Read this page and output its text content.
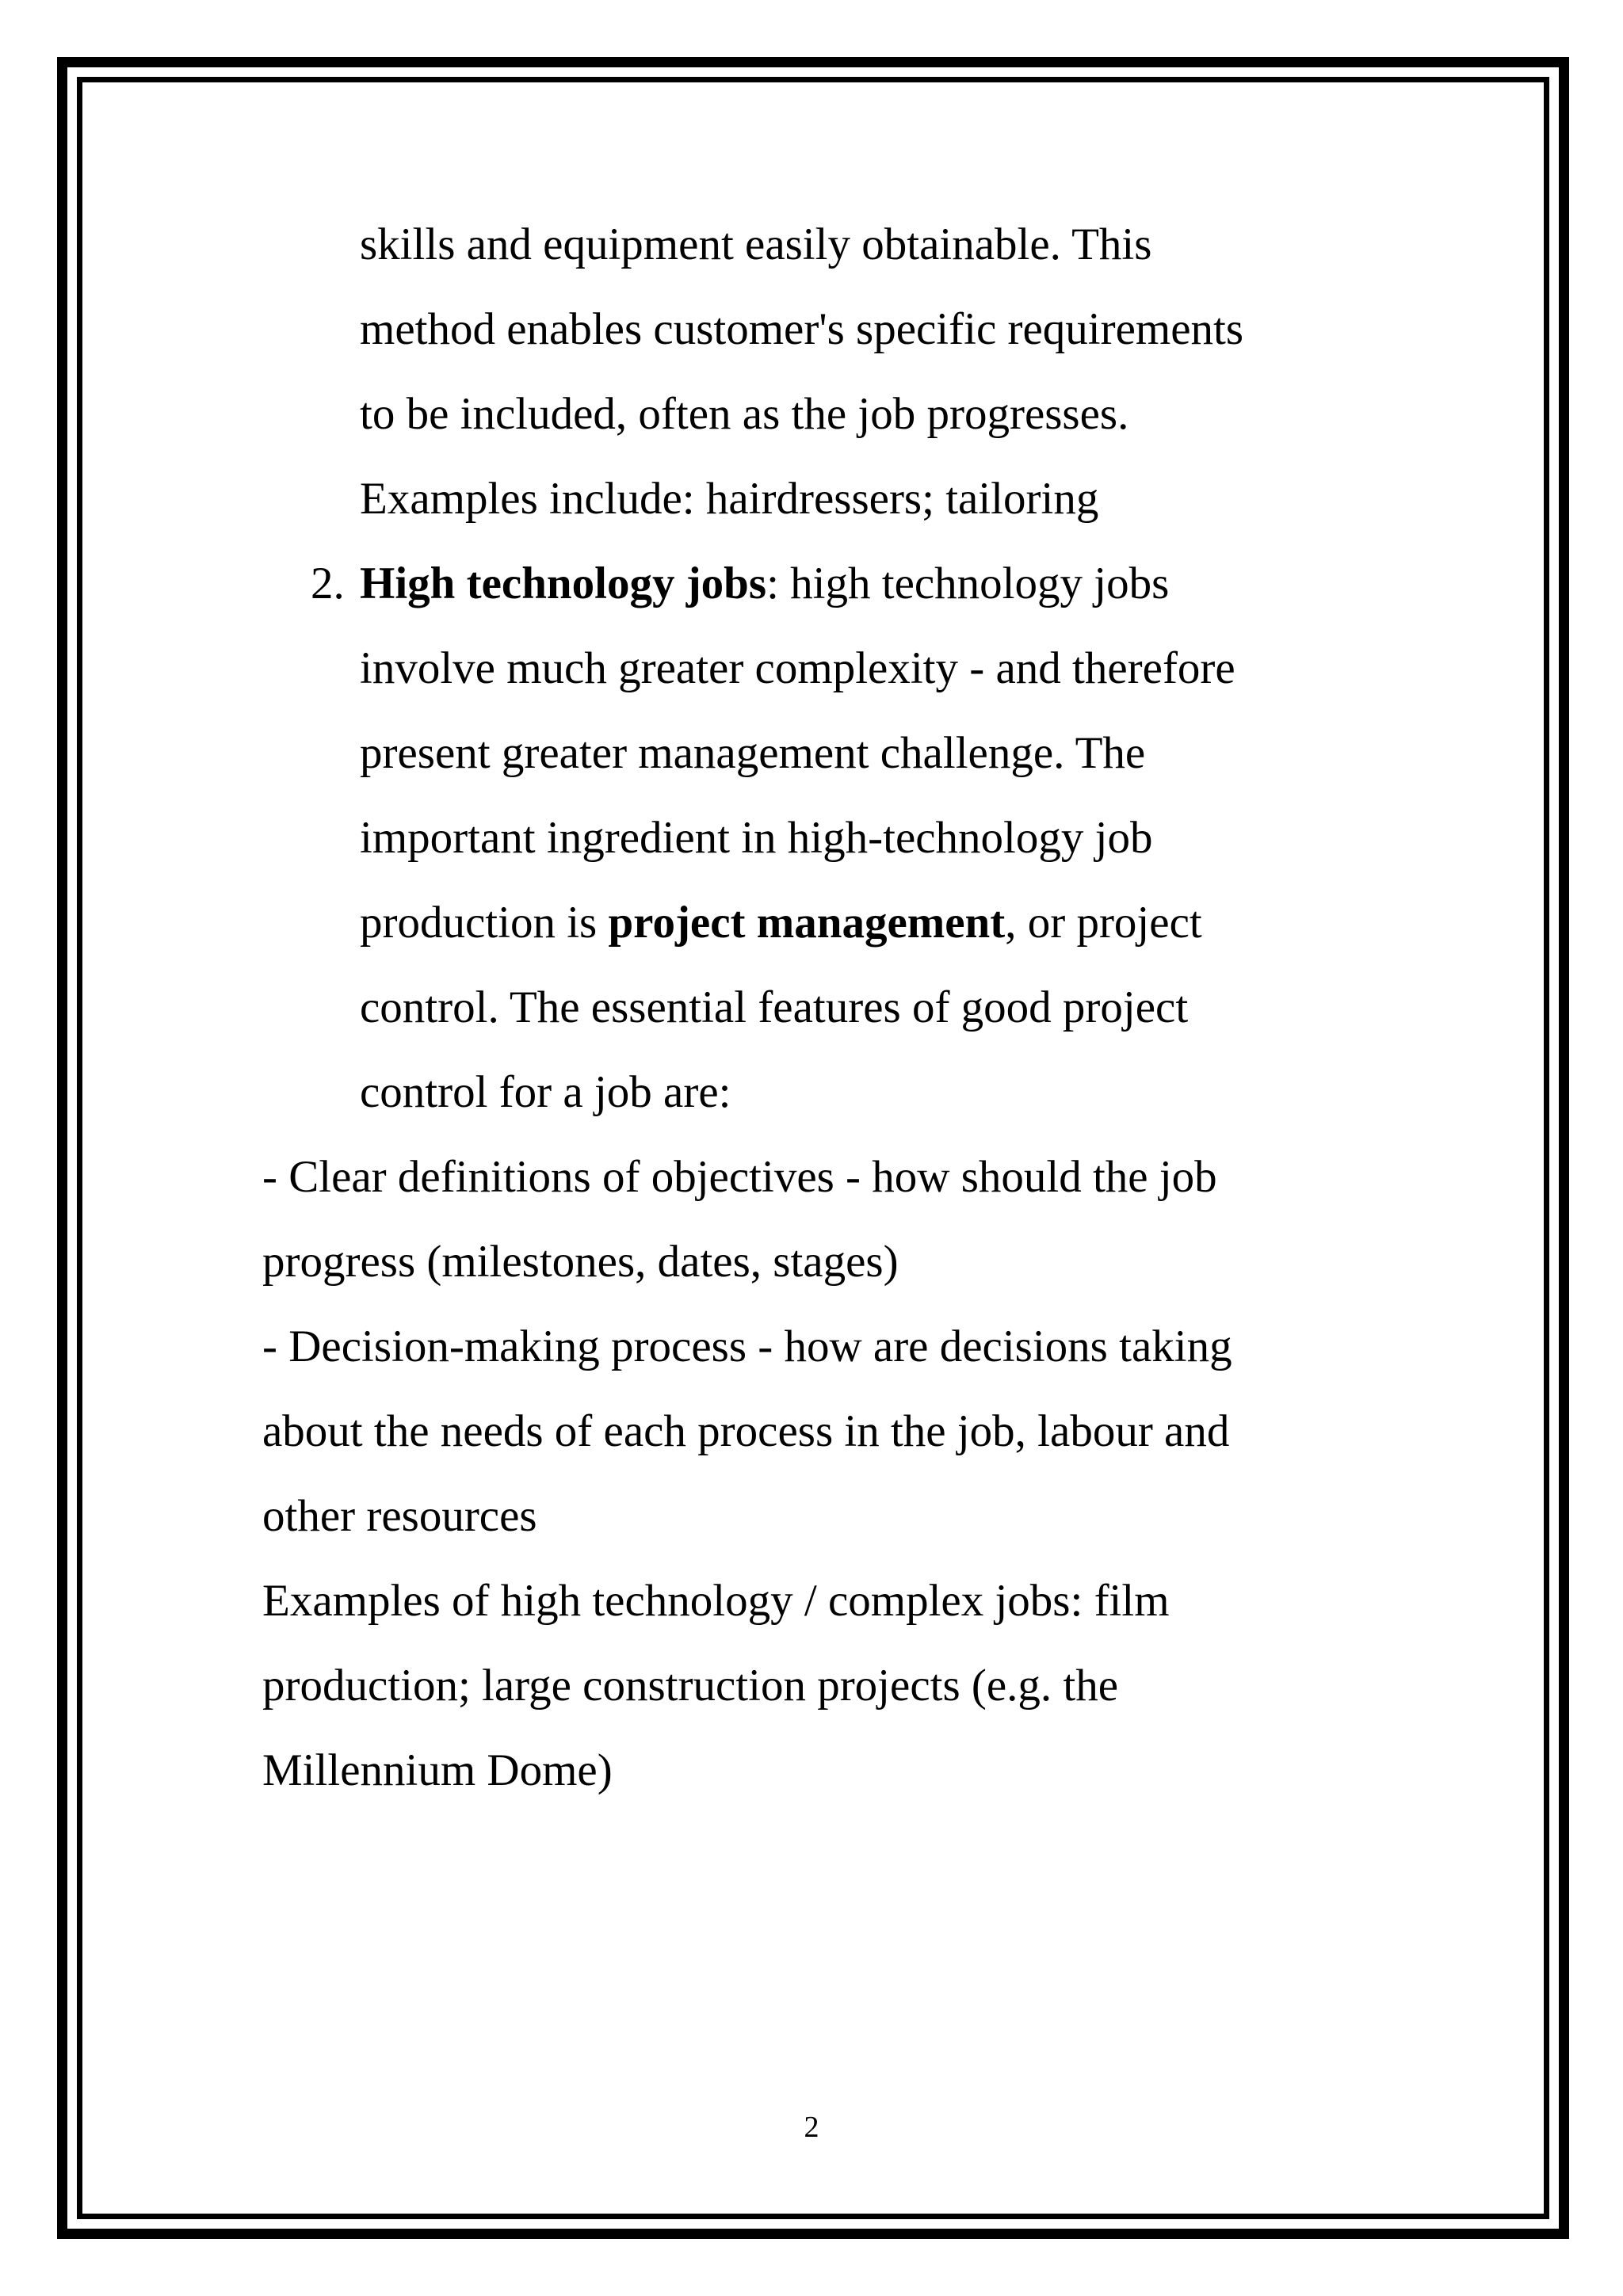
skills and equipment easily obtainable. This

method enables customer's specific requirements

to be included, often as the job progresses.

Examples include: hairdressers; tailoring

2. High technology jobs: high technology jobs

involve much greater complexity - and therefore

present greater management challenge. The

important ingredient in high-technology job

production is project management, or project

control. The essential features of good project

control for a job are:

- Clear definitions of objectives - how should the job

progress (milestones, dates, stages)

- Decision-making process - how are decisions taking

about the needs of each process in the job, labour and

other resources

Examples of high technology / complex jobs: film

production; large construction projects (e.g. the

Millennium Dome)

2
